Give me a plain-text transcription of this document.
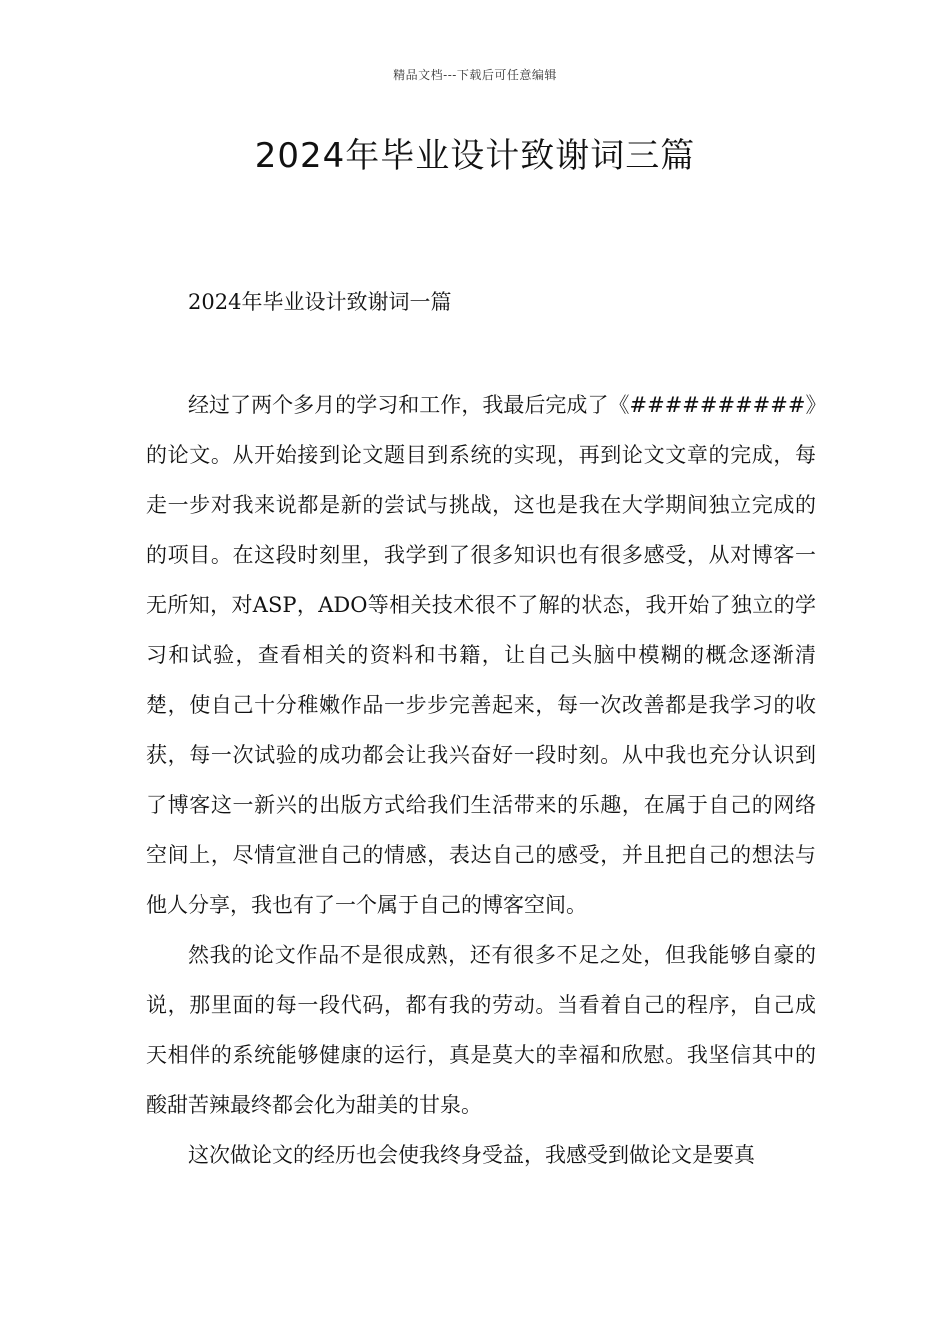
精品文档---下载后可任意编辑
2024年毕业设计致谢词三篇
2024年毕业设计致谢词一篇

经过了两个多月的学习和工作，我最后完成了《##########》的论文。从开始接到论文题目到系统的实现，再到论文文章的完成，每走一步对我来说都是新的尝试与挑战，这也是我在大学期间独立完成的的项目。在这段时刻里，我学到了很多知识也有很多感受，从对博客一无所知，对ASP，ADO等相关技术很不了解的状态，我开始了独立的学习和试验，查看相关的资料和书籍，让自己头脑中模糊的概念逐渐清楚，使自己十分稚嫩作品一步步完善起来，每一次改善都是我学习的收获，每一次试验的成功都会让我兴奋好一段时刻。从中我也充分认识到了博客这一新兴的出版方式给我们生活带来的乐趣，在属于自己的网络空间上，尽情宣泄自己的情感，表达自己的感受，并且把自己的想法与他人分享，我也有了一个属于自己的博客空间。

然我的论文作品不是很成熟，还有很多不足之处，但我能够自豪的说，那里面的每一段代码，都有我的劳动。当看着自己的程序，自己成天相伴的系统能够健康的运行，真是莫大的幸福和欣慰。我坚信其中的酸甜苦辣最终都会化为甜美的甘泉。

这次做论文的经历也会使我终身受益，我感受到做论文是要真
